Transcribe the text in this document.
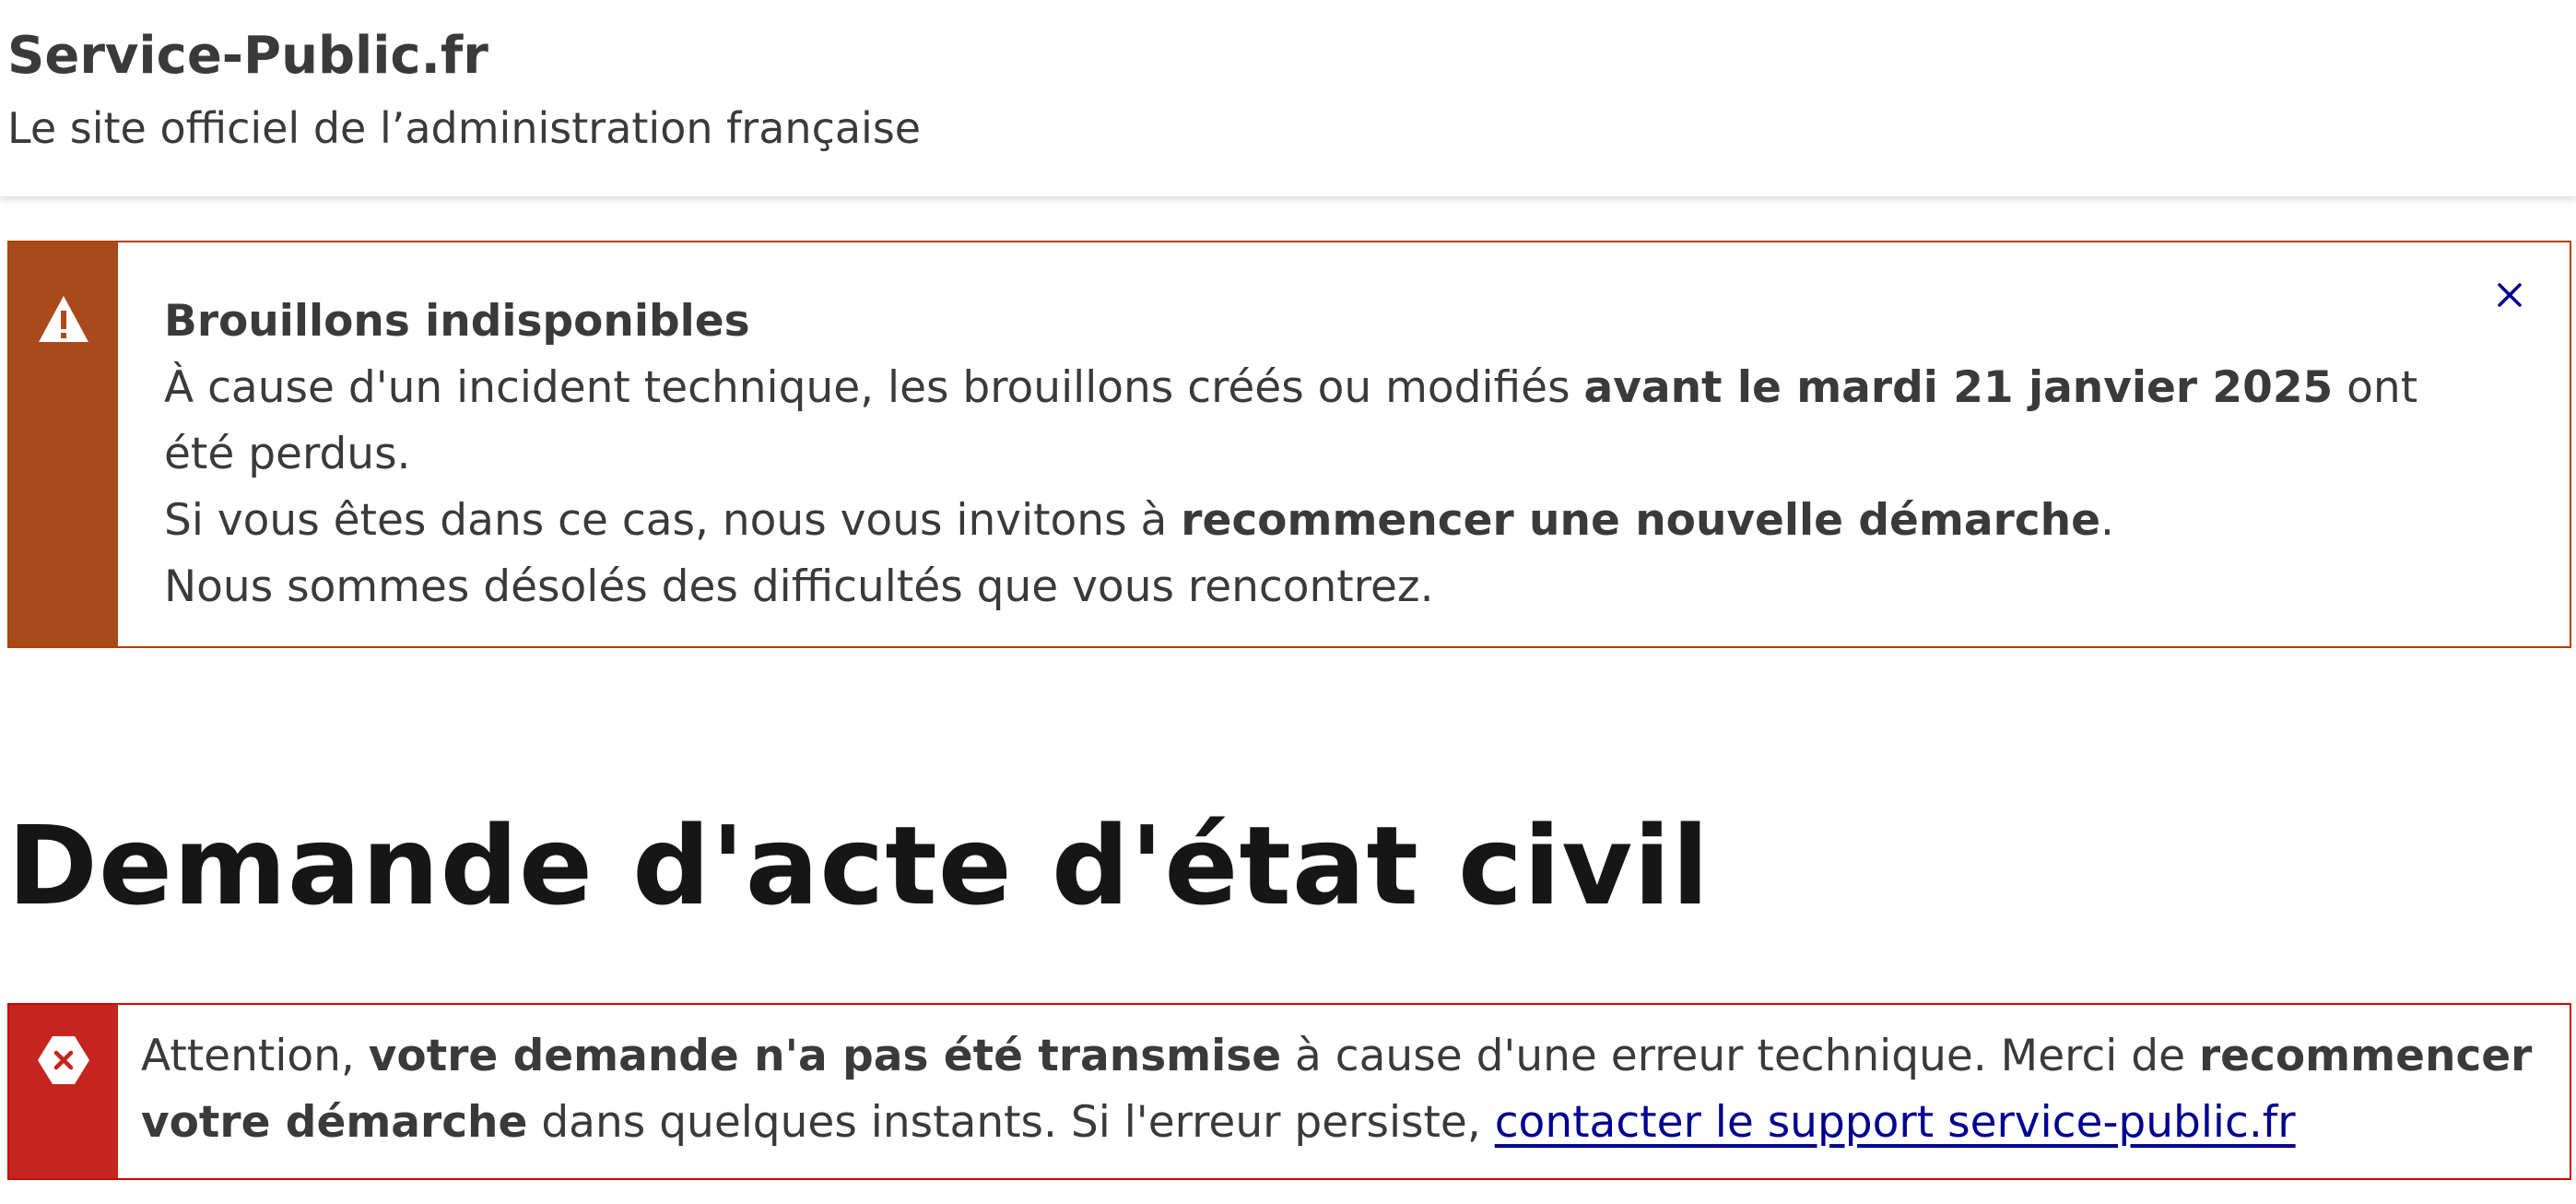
Service-Public.fr
Le site officiel de l’administration française
Brouillons indisponibles
À cause d'un incident technique, les brouillons créés ou modifiés avant le mardi 21 janvier 2025 ont été perdus.
Si vous êtes dans ce cas, nous vous invitons à recommencer une nouvelle démarche.
Nous sommes désolés des difficultés que vous rencontrez.
Demande d'acte d'état civil
Attention, votre demande n'a pas été transmise à cause d'une erreur technique. Merci de recommencer votre démarche dans quelques instants. Si l'erreur persiste, contacter le support service-public.fr
